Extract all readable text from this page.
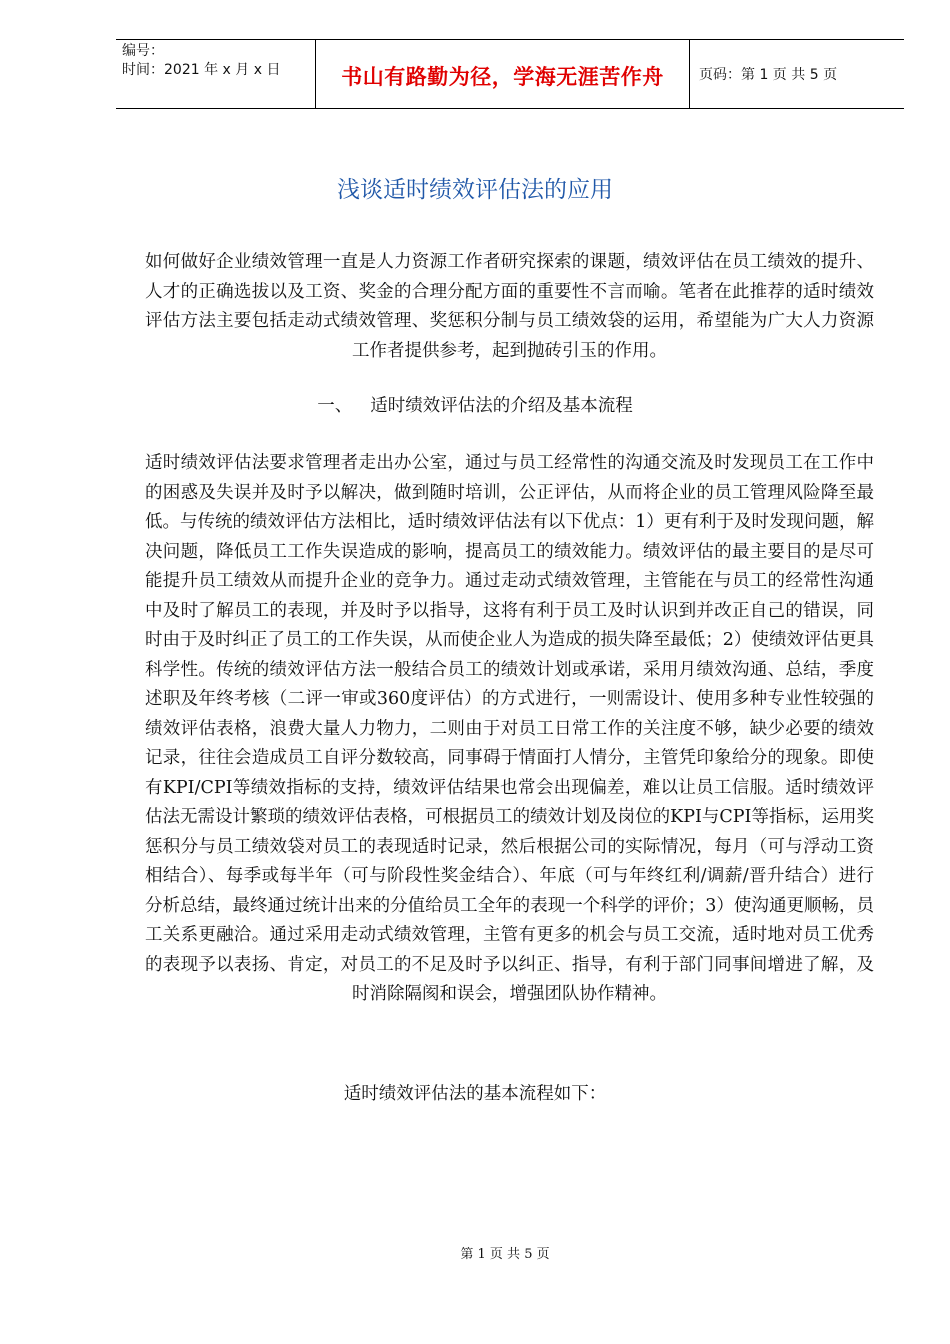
编号：
时间：2021 年 x 月 x 日	书山有路勤为径，学海无涯苦作舟	页码：第 1 页 共 5 页
浅谈适时绩效评估法的应用
如何做好企业绩效管理一直是人力资源工作者研究探索的课题，绩效评估在员工绩效的提升、人才的正确选拔以及工资、奖金的合理分配方面的重要性不言而喻。笔者在此推荐的适时绩效评估方法主要包括走动式绩效管理、奖惩积分制与员工绩效袋的运用，希望能为广大人力资源工作者提供参考，起到抛砖引玉的作用。
一、 适时绩效评估法的介绍及基本流程
适时绩效评估法要求管理者走出办公室，通过与员工经常性的沟通交流及时发现员工在工作中的困惑及失误并及时予以解决，做到随时培训，公正评估，从而将企业的员工管理风险降至最低。与传统的绩效评估方法相比，适时绩效评估法有以下优点：1）更有利于及时发现问题，解决问题，降低员工工作失误造成的影响，提高员工的绩效能力。绩效评估的最主要目的是尽可能提升员工绩效从而提升企业的竞争力。通过走动式绩效管理，主管能在与员工的经常性沟通中及时了解员工的表现，并及时予以指导，这将有利于员工及时认识到并改正自己的错误，同时由于及时纠正了员工的工作失误，从而使企业人为造成的损失降至最低；2）使绩效评估更具科学性。传统的绩效评估方法一般结合员工的绩效计划或承诺，采用月绩效沟通、总结，季度述职及年终考核（二评一审或360度评估）的方式进行，一则需设计、使用多种专业性较强的绩效评估表格，浪费大量人力物力，二则由于对员工日常工作的关注度不够，缺少必要的绩效记录，往往会造成员工自评分数较高，同事碍于情面打人情分，主管凭印象给分的现象。即使有KPI/CPI等绩效指标的支持，绩效评估结果也常会出现偏差，难以让员工信服。适时绩效评估法无需设计繁琐的绩效评估表格，可根据员工的绩效计划及岗位的KPI与CPI等指标，运用奖惩积分与员工绩效袋对员工的表现适时记录，然后根据公司的实际情况，每月（可与浮动工资相结合）、每季或每半年（可与阶段性奖金结合）、年底（可与年终红利/调薪/晋升结合）进行分析总结，最终通过统计出来的分值给员工全年的表现一个科学的评价；3）使沟通更顺畅，员工关系更融洽。通过采用走动式绩效管理，主管有更多的机会与员工交流，适时地对员工优秀的表现予以表扬、肯定，对员工的不足及时予以纠正、指导，有利于部门同事间增进了解，及时消除隔阂和误会，增强团队协作精神。
适时绩效评估法的基本流程如下：
第 1 页 共 5 页
